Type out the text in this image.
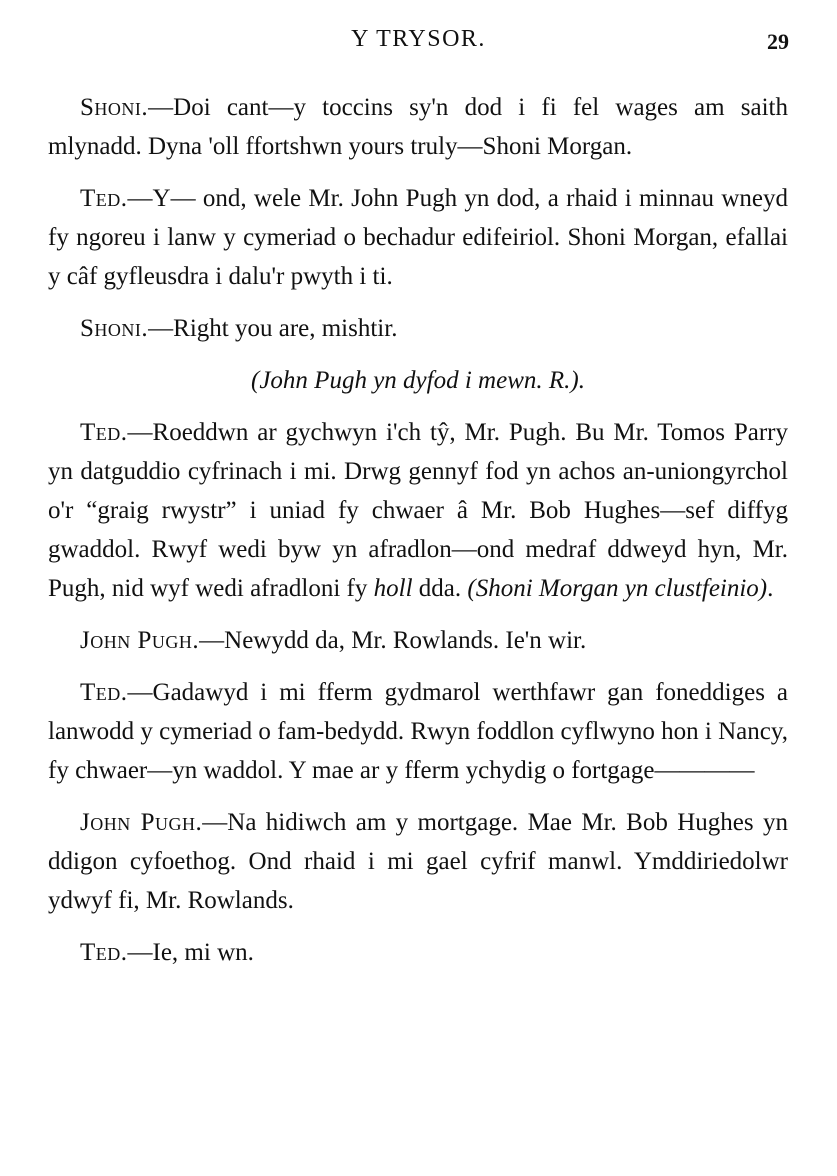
Y TRYSOR.	29

Shoni.—Doi cant—y toccins sy'n dod i fi fel wages am saith mlynadd. Dyna 'oll ffortshwn yours truly—Shoni Morgan.

Ted.—Y— ond, wele Mr. John Pugh yn dod, a rhaid i minnau wneyd fy ngoreu i lanw y cymeriad o bechadur edifeiriol. Shoni Morgan, efallai y câf gyfleusdra i dalu'r pwyth i ti.

Shoni.—Right you are, mishtir.

(John Pugh yn dyfod i mewn. R.).

Ted.—Roeddwn ar gychwyn i'ch tŷ, Mr. Pugh. Bu Mr. Tomos Parry yn datguddio cyfrinach i mi. Drwg gennyf fod yn achos an-uniongyrchol o'r “graig rwystr” i uniad fy chwaer â Mr. Bob Hughes—sef diffyg gwaddol. Rwyf wedi byw yn afradlon—ond medraf ddweyd hyn, Mr. Pugh, nid wyf wedi afradloni fy holl dda. (Shoni Morgan yn clustfeinio).

John Pugh.—Newydd da, Mr. Rowlands. Ie'n wir.

Ted.—Gadawyd i mi fferm gydmarol werthfawr gan foneddiges a lanwodd y cymeriad o fam-bedydd. Rwyn foddlon cyflwyno hon i Nancy, fy chwaer—yn waddol. Y mae ar y fferm ychydig o fortgage————

John Pugh.—Na hidiwch am y mortgage. Mae Mr. Bob Hughes yn ddigon cyfoethog. Ond rhaid i mi gael cyfrif manwl. Ymddiriedolwr ydwyf fi, Mr. Rowlands.

Ted.—Ie, mi wn.
